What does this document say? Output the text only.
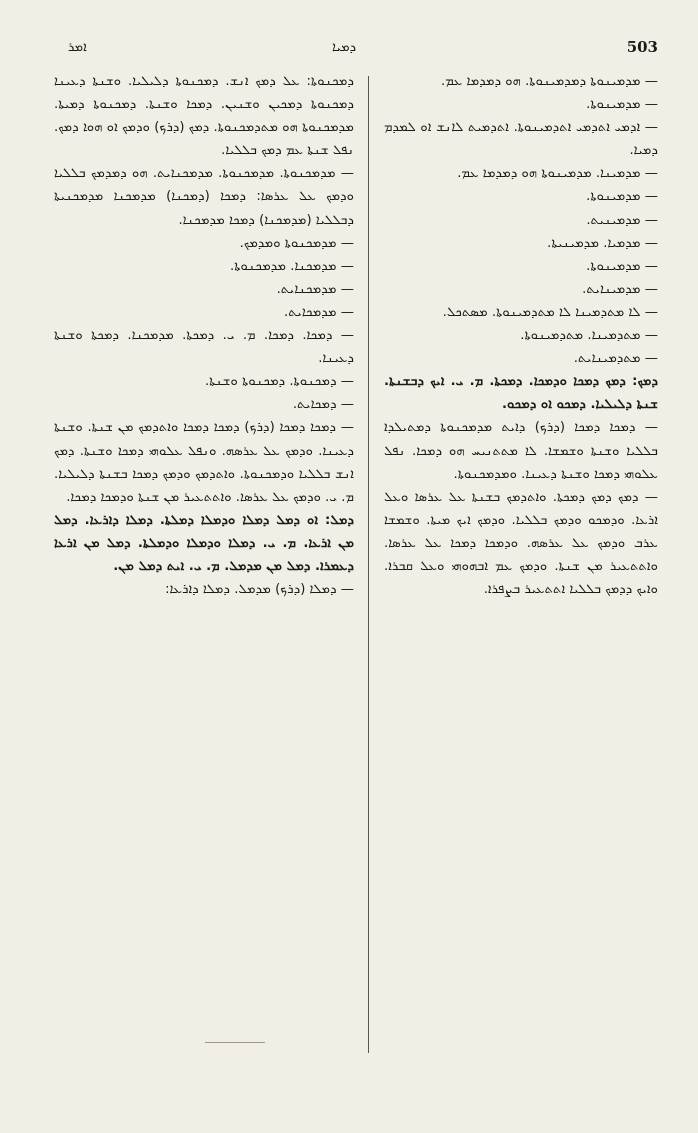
ܐܡܪ	ܕܡܝܐ	503

— ܡܕܡܝܢܘܬܐ ܕܡܕܡܝܢܘܬܐ. ܗܘ ܕܡܕܡܐ ܥܡ.

— ܡܕܡܝܢܘܬܐ.

— ܐܕܡܝ ܐܬܕܡܝ ܐܬܕܡܝܢܘܬܐ. ܐܬܕܡܝܬ ܠܐܢܫ ܐܘ ܠܡܕܡ ܕܡܝܐ.

— ܡܕܡܝܢܐ. ܡܕܡܝܢܘܬܐ ܗܘ ܕܡܕܡܐ ܥܡ.

— ܡܕܡܝܢܘܬܐ.

— ܡܕܡܝܢܝܬ.

— ܡܕܡܝܐ. ܡܕܡܝܢܝܬܐ.

— ܡܕܡܝܢܘܬܐ.

— ܡܕܡܝܢܐܝܬ.

— ܠܐ ܡܬܕܡܝܢܐ ܠܐ ܡܬܕܡܝܢܘܬܐ. ܡܣܬܟܠ.

— ܡܬܕܡܝܢܐ. ܡܬܕܡܝܢܘܬܐ.

— ܡܬܕܡܝܢܐܝܬ.

ܕܡܟ: ܕܡܟ ܕܡܟܐ ܘܕܡܟܐ. ܕܡܟܬܐ. ܡ. ܝ. ܐܝܟ ܕܒܫܢܬܐ. ܫܢܬܐ ܕܠܝܠܝܐ. ܕܡܟܘ ܐܘ ܕܡܟܘ.

— ܕܡܟܐ ܕܡܟܐ (ܕܪܟ) ܕܐܝܬ ܡܕܡܟܢܘܬܐ ܕܡܬܝܠܕܐ ܒܠܠܝܐ ܘܫܢܬܐ ܘܫܡܫܐ. ܠܐ ܡܬܬܢܝܚ ܗܘ ܕܡܟܐ. ܢܦܠ ܥܠܘܗܝ ܕܡܟܐ ܘܫܢܬܐ ܕܥܝܢܐ. ܘܡܕܡܟܢܘܬܐ.

— ܕܡܟ ܕܡܟ ܕܡܟܬܐ. ܘܐܬܕܡܟ ܒܫܢܬܐ ܥܠ ܥܪܣܐ ܘܥܠ ܐܪܥܐ. ܘܕܡܟܘ ܘܕܡܟ ܒܠܠܝܐ. ܘܕܡܟ ܐܝܟ ܡܝܬܐ. ܘܫܡܫܐ ܥܪܒ ܘܕܡܟ ܥܠ ܥܪܣܗ. ܘܕܡܟܐ ܕܡܟܐ ܥܠ ܥܪܣܐ. ܘܐܬܬܥܝܪ ܡܢ ܫܢܬܐ. ܘܕܡܟ ܥܡ ܐܒܗܘܗܝ ܘܥܠ ܩܒܪܐ. ܘܐܝܟ ܕܕܡܟ ܒܠܠܝܐ ܐܬܬܥܝܪ ܒܨܦܪܐ.

ܕܡܟܢܘܬܐ: ܥܠ ܕܡܟ ܐܢܫ. ܕܡܟܢܘܬܐ ܕܠܝܠܝܐ. ܘܫܢܬܐ ܕܥܝܢܐ ܕܡܟܢܘܬܐ ܕܡܟܝܢ ܘܫܢܝܢ. ܕܡܟܐ ܘܫܢܬܐ. ܕܡܟܢܘܬܐ ܕܡܝܬܐ. ܡܕܡܟܢܘܬܐ ܗܘ ܡܬܕܡܟܢܘܬܐ. ܕܡܟ (ܕܪܟ) ܘܕܡܟ ܐܘ ܗܘܐ ܕܡܟ. ܢܦܠ ܫܢܬܐ ܥܡ ܕܡܟ ܒܠܠܝܐ.

— ܡܕܡܟܢܘܬܐ. ܡܕܡܟܢܘܬܐ. ܡܕܡܟܢܐܝܬ. ܗܘ ܕܡܕܡܟ ܒܠܠܝܐ ܘܕܡܟ ܥܠ ܥܪܣܐ: ܕܡܟܐ (ܕܡܟܢܐ) ܡܕܡܟܢܐ ܡܕܡܟܢܝܬܐ ܕܒܠܠܝܐ (ܡܕܡܟܢܐ) ܕܡܟܐ ܡܕܡܟܢܐ.

— ܡܕܡܟܢܘܬܐ ܘܡܕܡܟ.

— ܡܕܡܟܢܐ. ܡܕܡܟܢܘܬܐ.

— ܡܕܡܟܢܐܝܬ.

— ܡܕܡܟܐܝܬ.

— ܕܡܟܐ. ܕܡܟܐ. ܡ. ܝ. ܕܡܟܬܐ. ܡܕܡܟܢܐ. ܕܡܟܬܐ ܘܫܢܬܐ ܕܥܝܢܐ.

— ܕܡܟܢܘܬܐ. ܕܡܟܢܘܬܐ ܘܫܢܬܐ.

— ܕܡܟܐܝܬ.

— ܕܡܟܐ ܕܡܟܐ (ܕܪܟ) ܕܡܟܐ ܕܡܟܐ ܘܐܬܕܡܟ ܡܢ ܫܢܬܐ. ܘܫܢܬܐ ܕܥܝܢܐ. ܘܕܡܟ ܥܠ ܥܪܣܗ. ܘܢܦܠ ܥܠܘܗܝ ܕܡܟܐ ܘܫܢܬܐ. ܕܡܟ ܐܢܫ ܒܠܠܝܐ ܘܕܡܟܢܘܬܐ. ܘܐܬܕܡܟ ܘܕܡܟ ܕܡܟܐ ܒܫܢܬܐ ܕܠܝܠܝܐ. ܡ. ܝ. ܘܕܡܟ ܥܠ ܥܪܣܐ. ܘܐܬܬܥܝܪ ܡܢ ܫܢܬܐ ܘܕܡܟܐ ܕܡܟܐ.

ܕܡܠ: ܐܘ ܕܡܠ ܕܡܠܐ ܘܕܡܠܐ ܕܡܠܬܐ. ܕܡܠܐ ܕܐܪܥܐ. ܕܡܠ ܡܢ ܐܪܥܐ. ܡ. ܝ. ܕܡܠܐ ܘܕܡܠܐ ܘܕܡܠܬܐ. ܕܡܠ ܡܢ ܐܪܥܐ ܕܥܡܪܐ. ܕܡܠ ܡܢ ܡܕܡܠ. ܡ. ܝ. ܐܝܬ ܕܡܠ ܡܢ.

— ܕܡܠܐ (ܕܪܟ) ܡܕܡܠ. ܕܡܠܐ ܕܐܪܥܐ:
